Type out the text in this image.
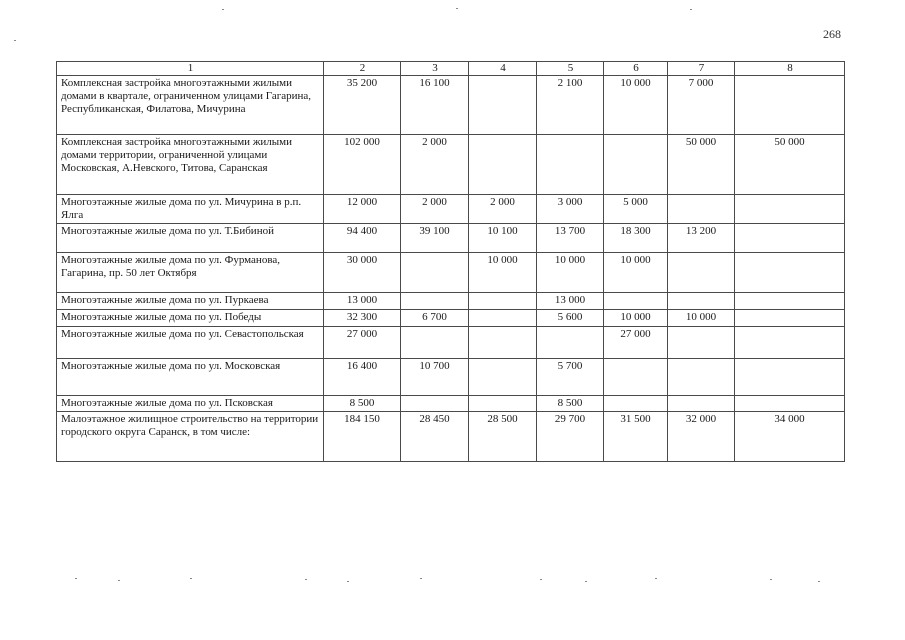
268
1	2	3	4	5	6	7	8
Комплексная застройка многоэтажными жилыми домами в квартале, ограниченном улицами Гагарина, Республиканская, Филатова, Мичурина	35 200	16 100		2 100	10 000	7 000	
Комплексная застройка многоэтажными жилыми домами территории, ограниченной улицами Московская, А.Невского, Титова, Саранская	102 000	2 000				50 000	50 000
Многоэтажные жилые дома по ул. Мичурина в р.п. Ялга	12 000	2 000	2 000	3 000	5 000		
Многоэтажные жилые дома по ул. Т.Бибиной	94 400	39 100	10 100	13 700	18 300	13 200	
Многоэтажные жилые дома по ул. Фурманова, Гагарина, пр. 50 лет Октября	30 000		10 000	10 000	10 000		
Многоэтажные жилые дома по ул. Пуркаева	13 000			13 000			
Многоэтажные жилые дома по ул. Победы	32 300	6 700		5 600	10 000	10 000	
Многоэтажные жилые дома по ул. Севастопольская	27 000				27 000		
Многоэтажные жилые дома по ул. Московская	16 400	10 700		5 700			
Многоэтажные жилые дома по ул. Псковская	8 500			8 500			
Малоэтажное жилищное строительство на территории городского округа Саранск, в том числе:	184 150	28 450	28 500	29 700	31 500	32 000	34 000
